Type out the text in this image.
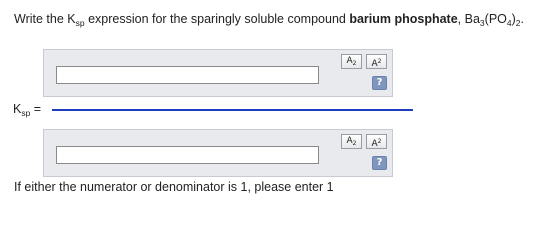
Write the $K_{sp}$ expression for the sparingly soluble compound barium phosphate, $Ba_3(PO_4)_2$.
$A_2$	$A^2$
?
$K_{sp}$ =
$A_2$	$A^2$
?
If either the numerator or denominator is 1, please enter 1
